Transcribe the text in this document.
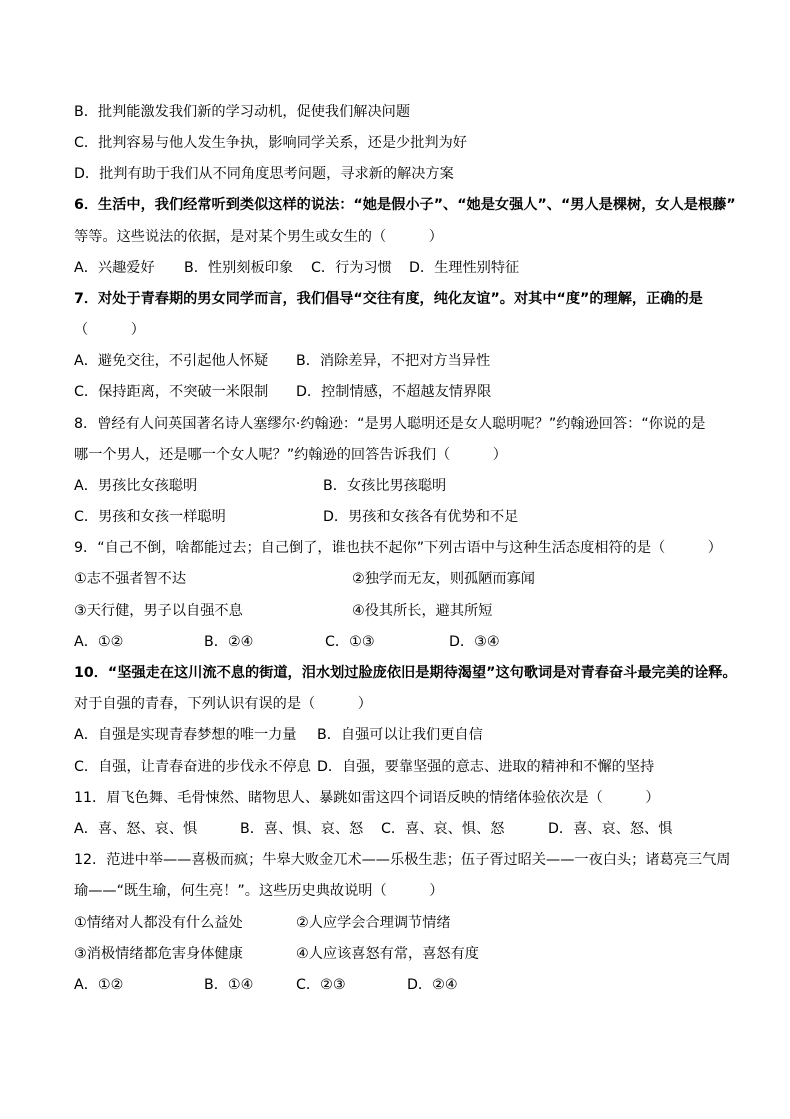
B．批判能激发我们新的学习动机，促使我们解决问题
C．批判容易与他人发生争执，影响同学关系，还是少批判为好
D．批判有助于我们从不同角度思考问题，寻求新的解决方案
6．生活中，我们经常听到类似这样的说法：“她是假小子”、“她是女强人”、“男人是棵树，女人是根藤”
等等。这些说法的依据，是对某个男生或女生的（　　　）
A．兴趣爱好 B．性别刻板印象 C．行为习惯 D．生理性别特征
7．对处于青春期的男女同学而言，我们倡导“交往有度，纯化友谊”。对其中“度”的理解，正确的是
（　　　）
A．避免交往，不引起他人怀疑 B．消除差异，不把对方当异性
C．保持距离，不突破一米限制 D．控制情感，不超越友情界限
8．曾经有人问英国著名诗人塞缪尔·约翰逊：“是男人聪明还是女人聪明呢？”约翰逊回答：“你说的是
哪一个男人，还是哪一个女人呢？”约翰逊的回答告诉我们（　　　）
A．男孩比女孩聪明	B．女孩比男孩聪明
C．男孩和女孩一样聪明	D．男孩和女孩各有优势和不足
9．“自己不倒，啥都能过去；自己倒了，谁也扶不起你”下列古语中与这种生活态度相符的是（　　　）
①志不强者智不达	②独学而无友，则孤陋而寡闻
③天行健，男子以自强不息	④役其所长，避其所短
A．①②	B．②④	C．①③	D．③④
10．“坚强走在这川流不息的街道，泪水划过脸庞依旧是期待渴望”这句歌词是对青春奋斗最完美的诠释。
对于自强的青春，下列认识有误的是（　　　）
A．自强是实现青春梦想的唯一力量 B．自强可以让我们更自信
C．自强，让青春奋进的步伐永不停息 D．自强，要靠坚强的意志、进取的精神和不懈的坚持
11．眉飞色舞、毛骨悚然、睹物思人、暴跳如雷这四个词语反映的情绪体验依次是（　　　）
A．喜、怒、哀、惧	B．喜、惧、哀、怒 C．喜、哀、惧、怒	D．喜、哀、怒、惧
12．范进中举——喜极而疯；牛皋大败金兀术——乐极生悲；伍子胥过昭关——一夜白头；诸葛亮三气周
瑜——“既生瑜，何生亮！”。这些历史典故说明（　　　）
①情绪对人都没有什么益处	②人应学会合理调节情绪
③消极情绪都危害身体健康	④人应该喜怒有常，喜怒有度
A．①②	B．①④	C．②③	D．②④
